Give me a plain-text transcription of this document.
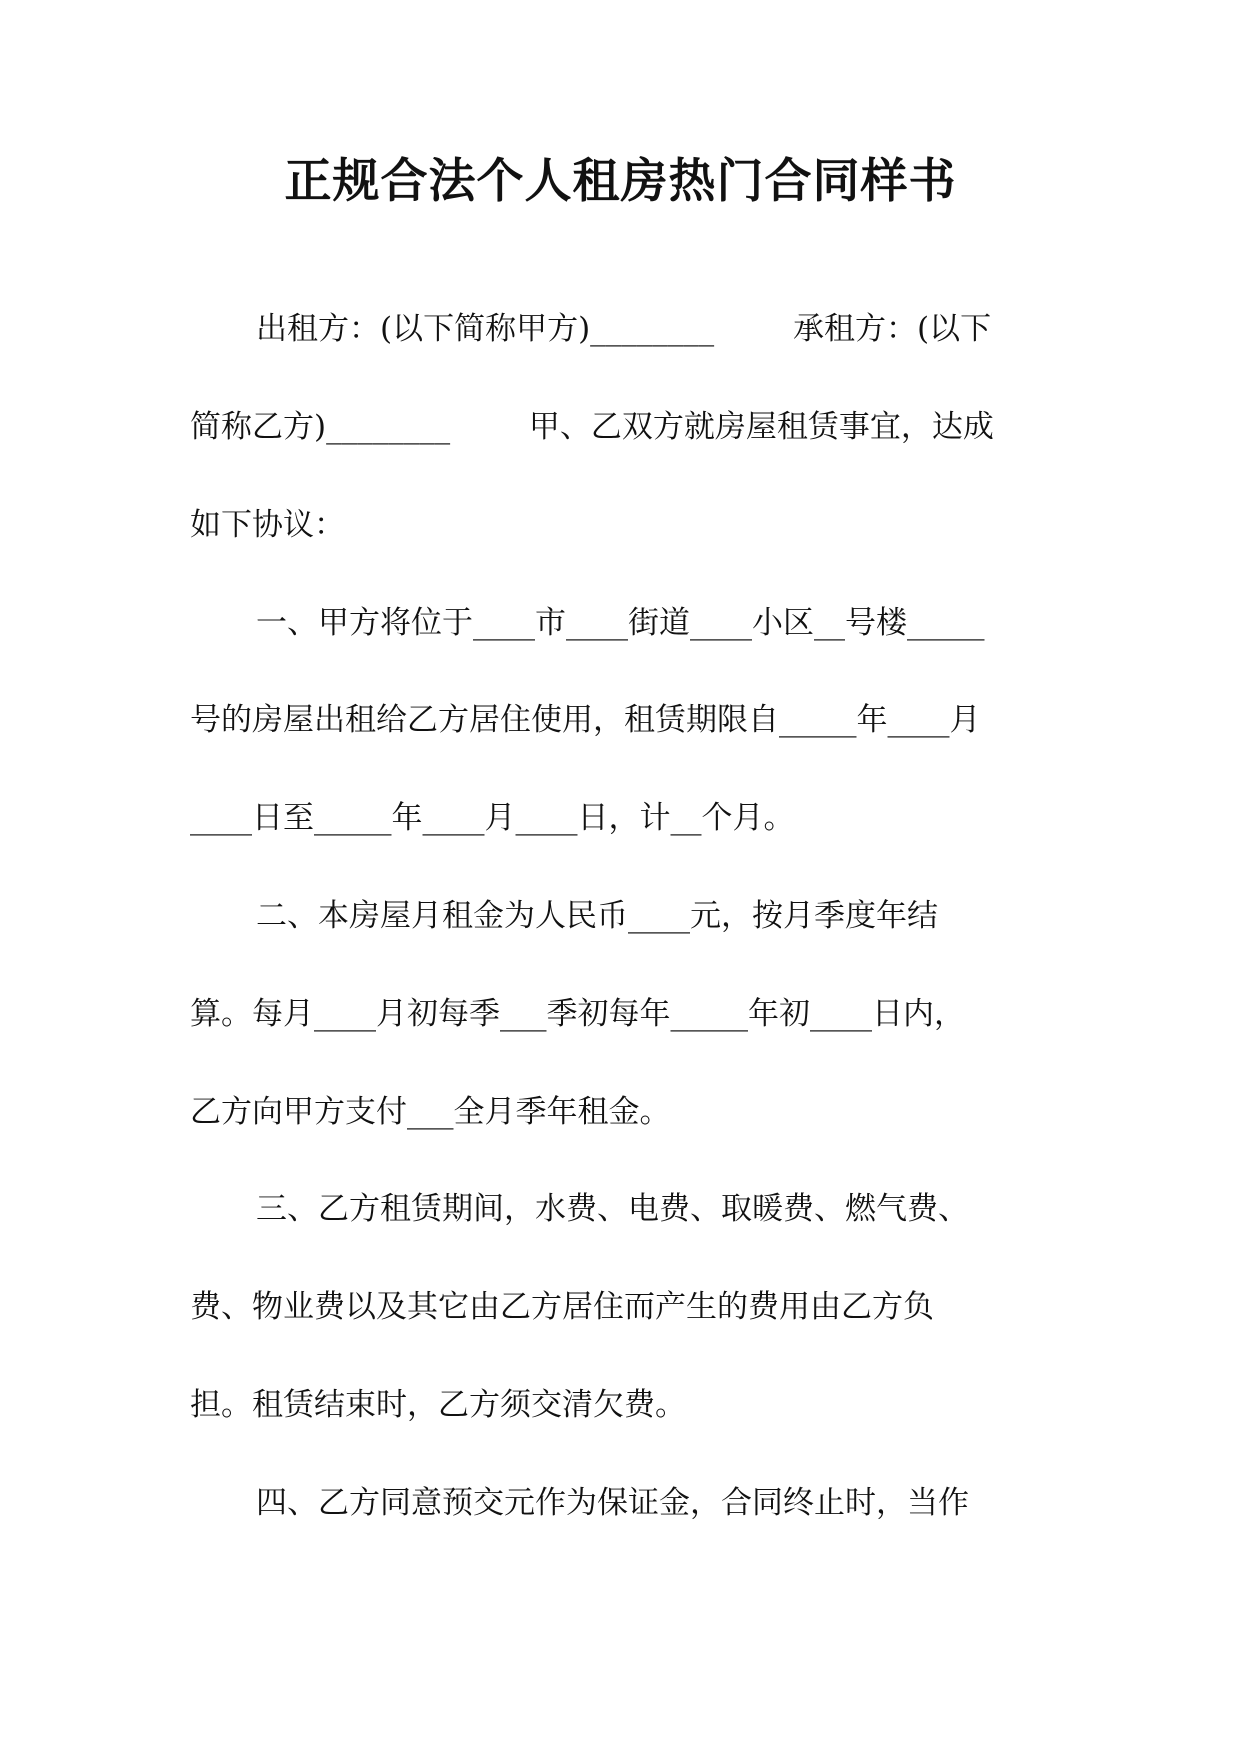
正规合法个人租房热门合同样书

出租方：(以下简称甲方)________        承租方：(以下

简称乙方)________        甲、乙双方就房屋租赁事宜，达成

如下协议：

一、甲方将位于____市____街道____小区__号楼_____

号的房屋出租给乙方居住使用，租赁期限自_____年____月

____日至_____年____月____日，计__个月。

二、本房屋月租金为人民币____元，按月季度年结

算。每月____月初每季___季初每年_____年初____日内，

乙方向甲方支付___全月季年租金。

三、乙方租赁期间，水费、电费、取暖费、燃气费、

费、物业费以及其它由乙方居住而产生的费用由乙方负

担。租赁结束时，乙方须交清欠费。

四、乙方同意预交元作为保证金，合同终止时，当作
